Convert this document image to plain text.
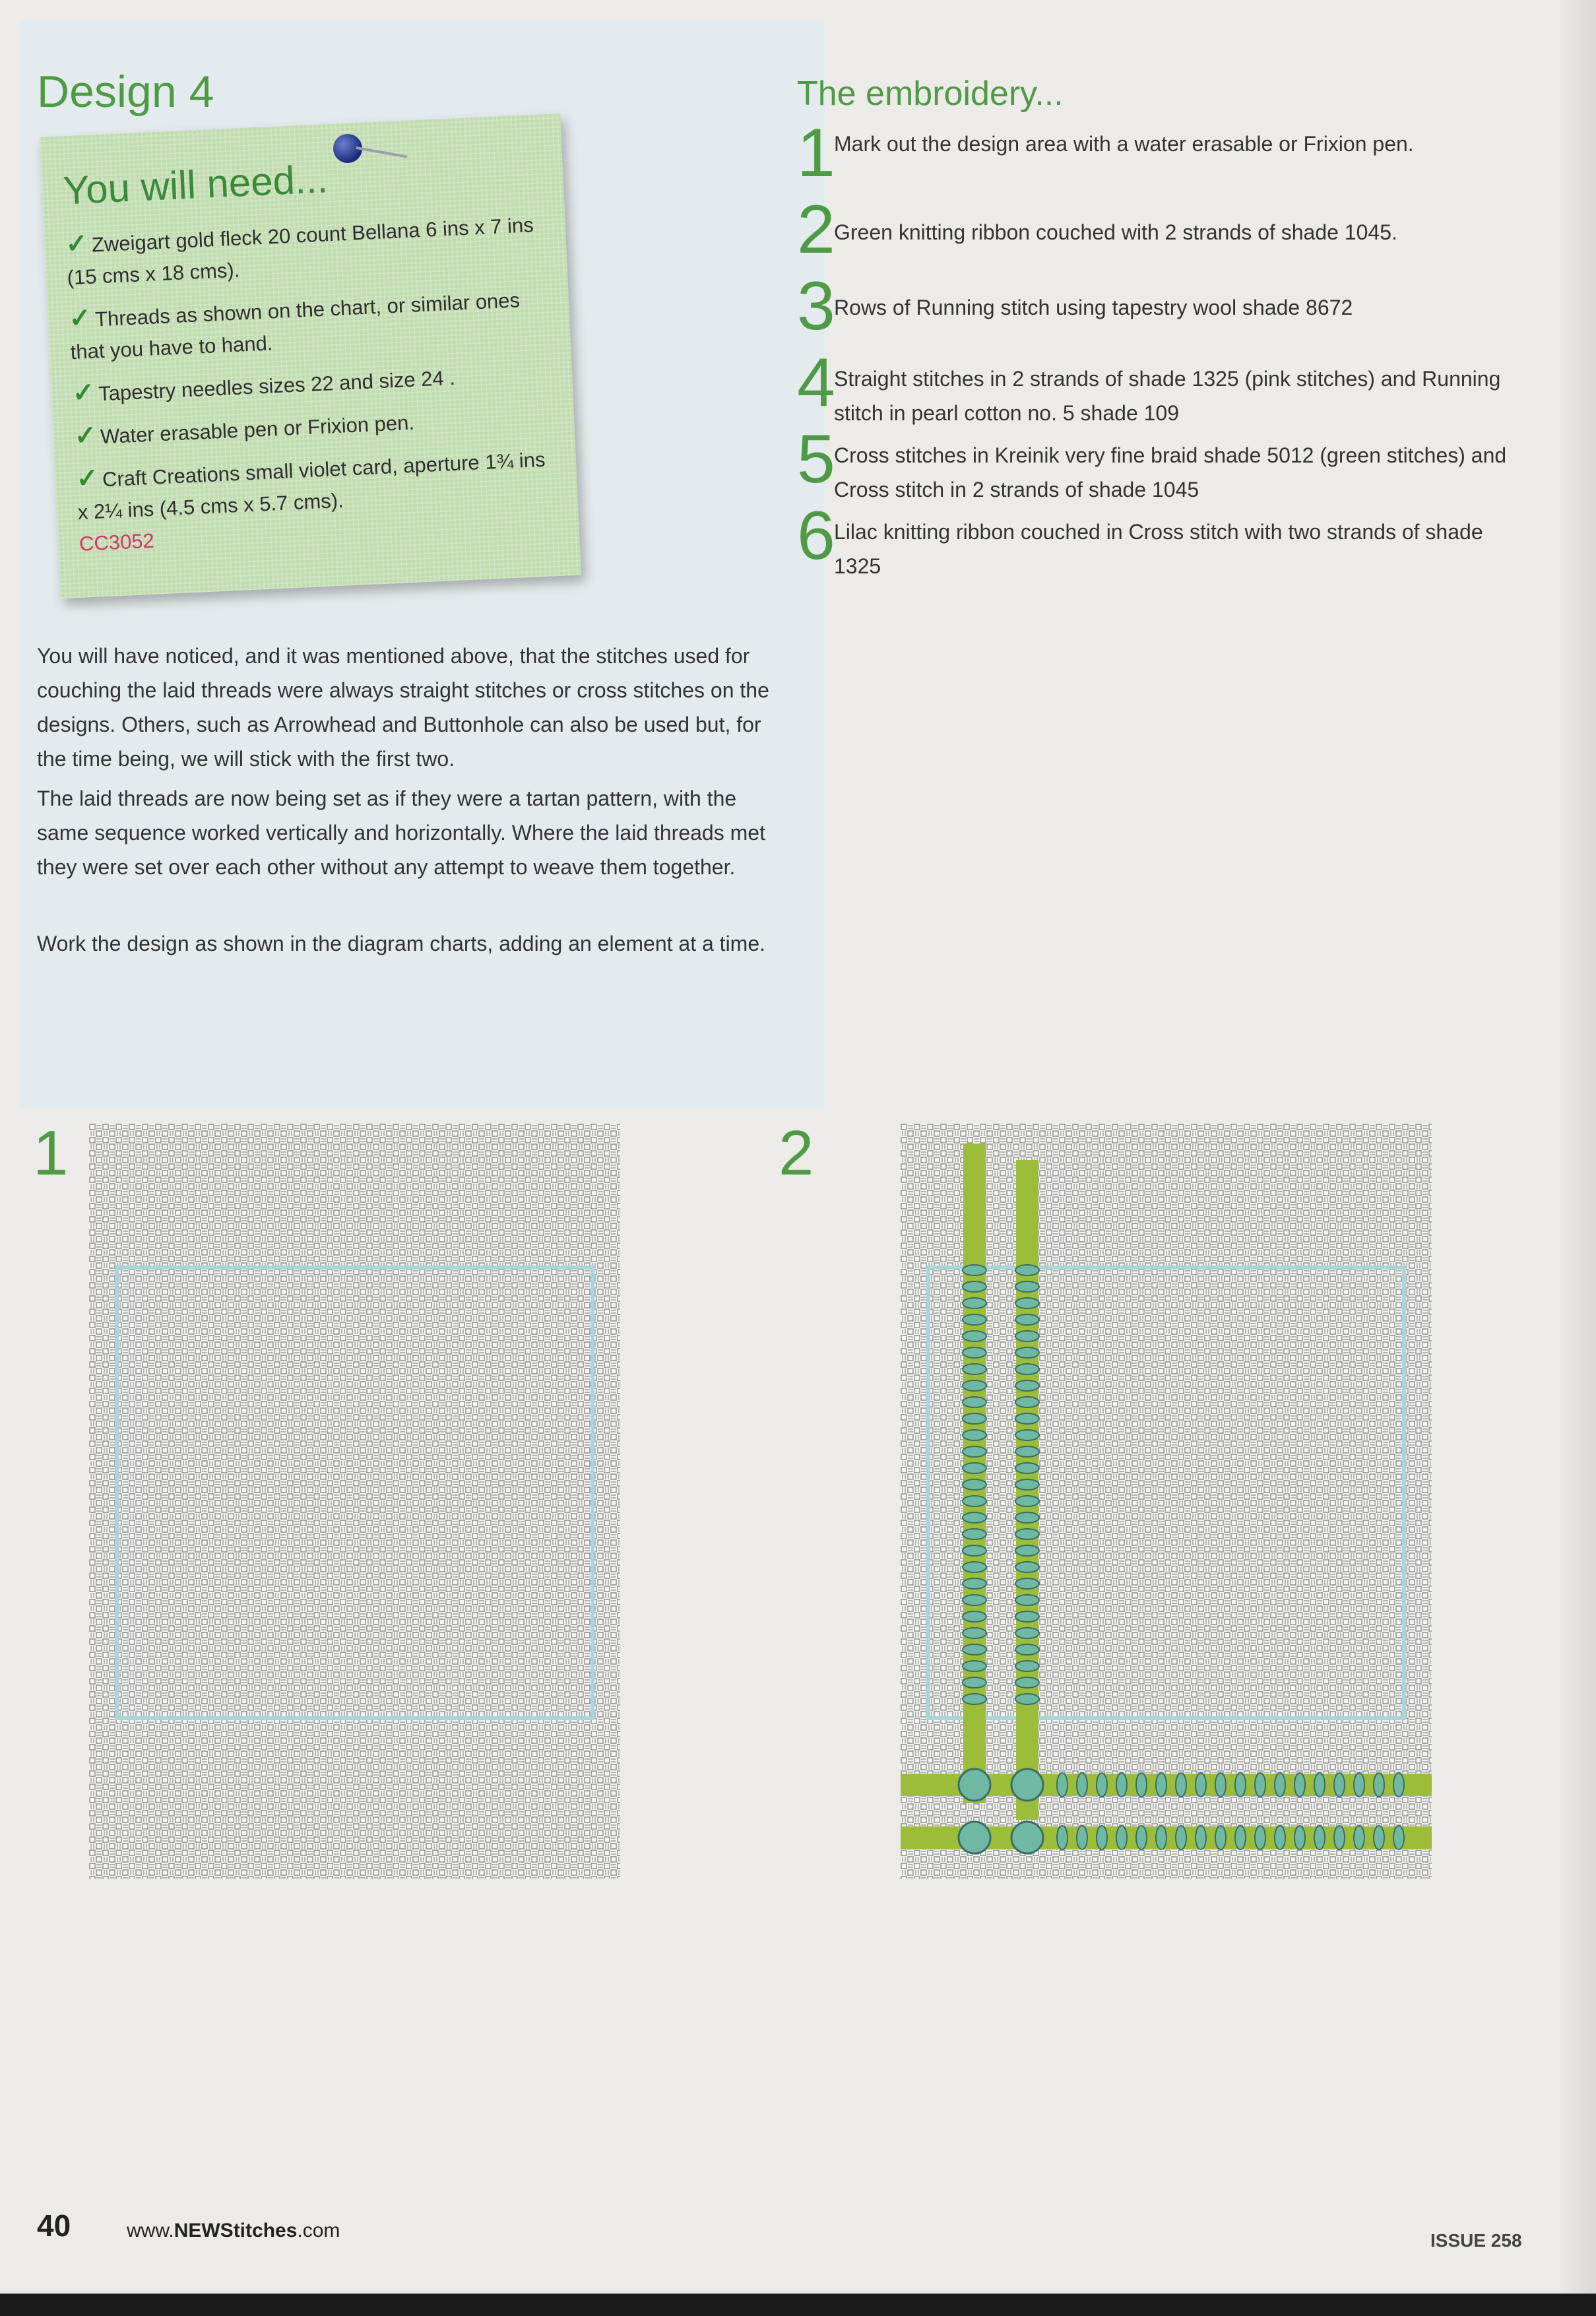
Design 4
You will need...
✓ Zweigart gold fleck 20 count Bellana 6 ins x 7 ins (15 cms x 18 cms).
✓ Threads as shown on the chart, or similar ones that you have to hand.
✓ Tapestry needles sizes 22 and size 24 .
✓ Water erasable pen or Frixion pen.
✓ Craft Creations small violet card, aperture 1¾ ins x 2¼ ins (4.5 cms x 5.7 cms).
CC3052

You will have noticed, and it was mentioned above, that the stitches used for couching the laid threads were always straight stitches or cross stitches on the designs. Others, such as Arrowhead and Buttonhole can also be used but, for the time being, we will stick with the first two.

The laid threads are now being set as if they were a tartan pattern, with the same sequence worked vertically and horizontally. Where the laid threads met they were set over each other without any attempt to weave them together.

Work the design as shown in the diagram charts, adding an element at a time.

The embroidery...
1
Mark out the design area with a water erasable or Frixion pen.
2
Green knitting ribbon couched with 2 strands of shade 1045.
3
Rows of Running stitch using tapestry wool shade 8672
4
Straight stitches in 2 strands of shade 1325 (pink stitches) and Running stitch in pearl cotton no. 5 shade 109
5
Cross stitches in Kreinik very fine braid shade 5012 (green stitches) and Cross stitch in 2 strands of shade 1045
6
Lilac knitting ribbon couched in Cross stitch with two strands of shade 1325
1	2
40	www.NEWStitches.com	ISSUE 258
